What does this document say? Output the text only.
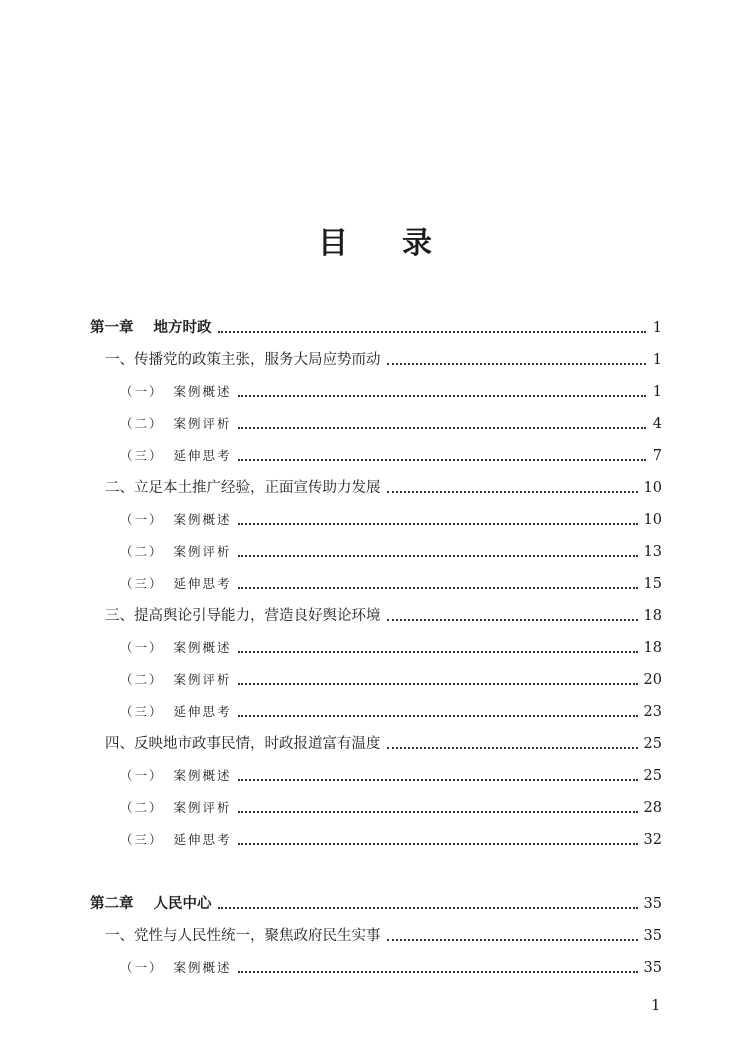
目 录
第一章 地方时政	1
一、传播党的政策主张，服务大局应势而动	1
（一） 案例概述	1
（二） 案例评析	4
（三） 延伸思考	7
二、立足本土推广经验，正面宣传助力发展	10
（一） 案例概述	10
（二） 案例评析	13
（三） 延伸思考	15
三、提高舆论引导能力，营造良好舆论环境	18
（一） 案例概述	18
（二） 案例评析	20
（三） 延伸思考	23
四、反映地市政事民情，时政报道富有温度	25
（一） 案例概述	25
（二） 案例评析	28
（三） 延伸思考	32
第二章 人民中心	35
一、党性与人民性统一，聚焦政府民生实事	35
（一） 案例概述	35
1
